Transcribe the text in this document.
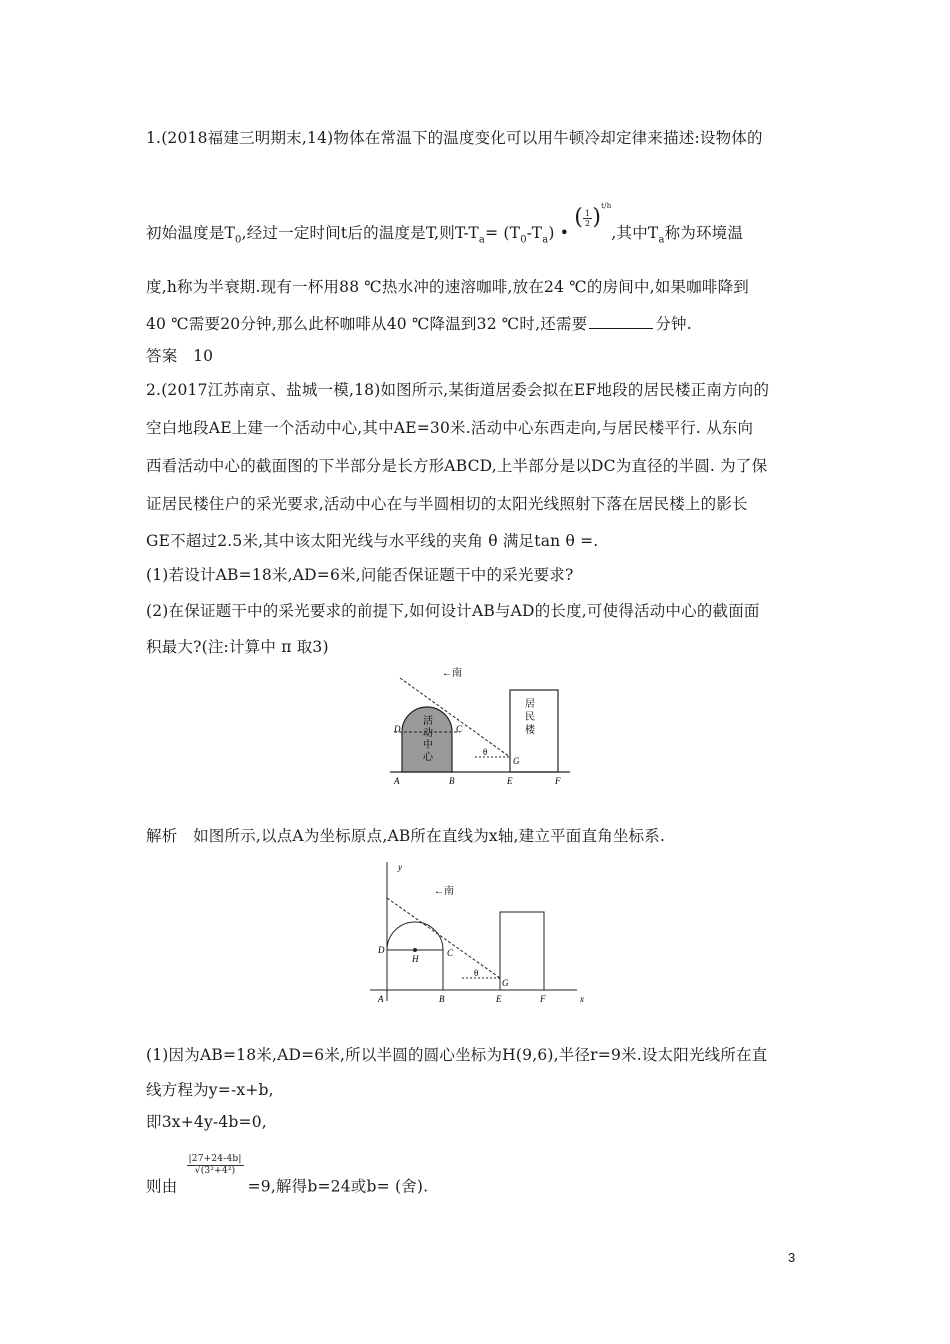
1.(2018福建三明期末,14)物体在常温下的温度变化可以用牛顿冷却定律来描述:设物体的
初始温度是$T_0$,经过一定时间t后的温度是T,则$T-T_a= (T_0-T_a)$ • ( $\frac{1}{2} )^{t/h}$,其中$T_a$称为环境温
度,h称为半衰期.现有一杯用88 ℃热水冲的速溶咖啡,放在24 ℃的房间中,如果咖啡降到
40 ℃需要20分钟,那么此杯咖啡从40 ℃降温到32 ℃时,还需要	分钟.
答案　10
2.(2017江苏南京、盐城一模,18)如图所示,某街道居委会拟在EF地段的居民楼正南方向的
空白地段AE上建一个活动中心,其中AE=30米.活动中心东西走向,与居民楼平行. 从东向
西看活动中心的截面图的下半部分是长方形ABCD,上半部分是以DC为直径的半圆. 为了保
证居民楼住户的采光要求,活动中心在与半圆相切的太阳光线照射下落在居民楼上的影长
GE不超过2.5米,其中该太阳光线与水平线的夹角 θ 满足tan θ =.
(1)若设计AB=18米,AD=6米,问能否保证题干中的采光要求?
(2)在保证题干中的采光要求的前提下,如何设计AB与AD的长度,可使得活动中心的截面面
积最大?(注:计算中 π 取3)
活
动
中
心
居
民
楼
θ
←南
D	C
A	B	E	F
G
解析　如图所示,以点A为坐标原点,AB所在直线为x轴,建立平面直角坐标系.
x
y
θ
←南
D	C
H
A	B	E	F
G
(1)因为AB=18米,AD=6米,所以半圆的圆心坐标为H(9,6),半径r=9米.设太阳光线所在直
线方程为y=-x+b,
即3x+4y-4b=0,
则由
$\frac{|27+24-4b|}{\text{√(3²+4²)}}$
=9,解得b=24或b= (舍).
3
